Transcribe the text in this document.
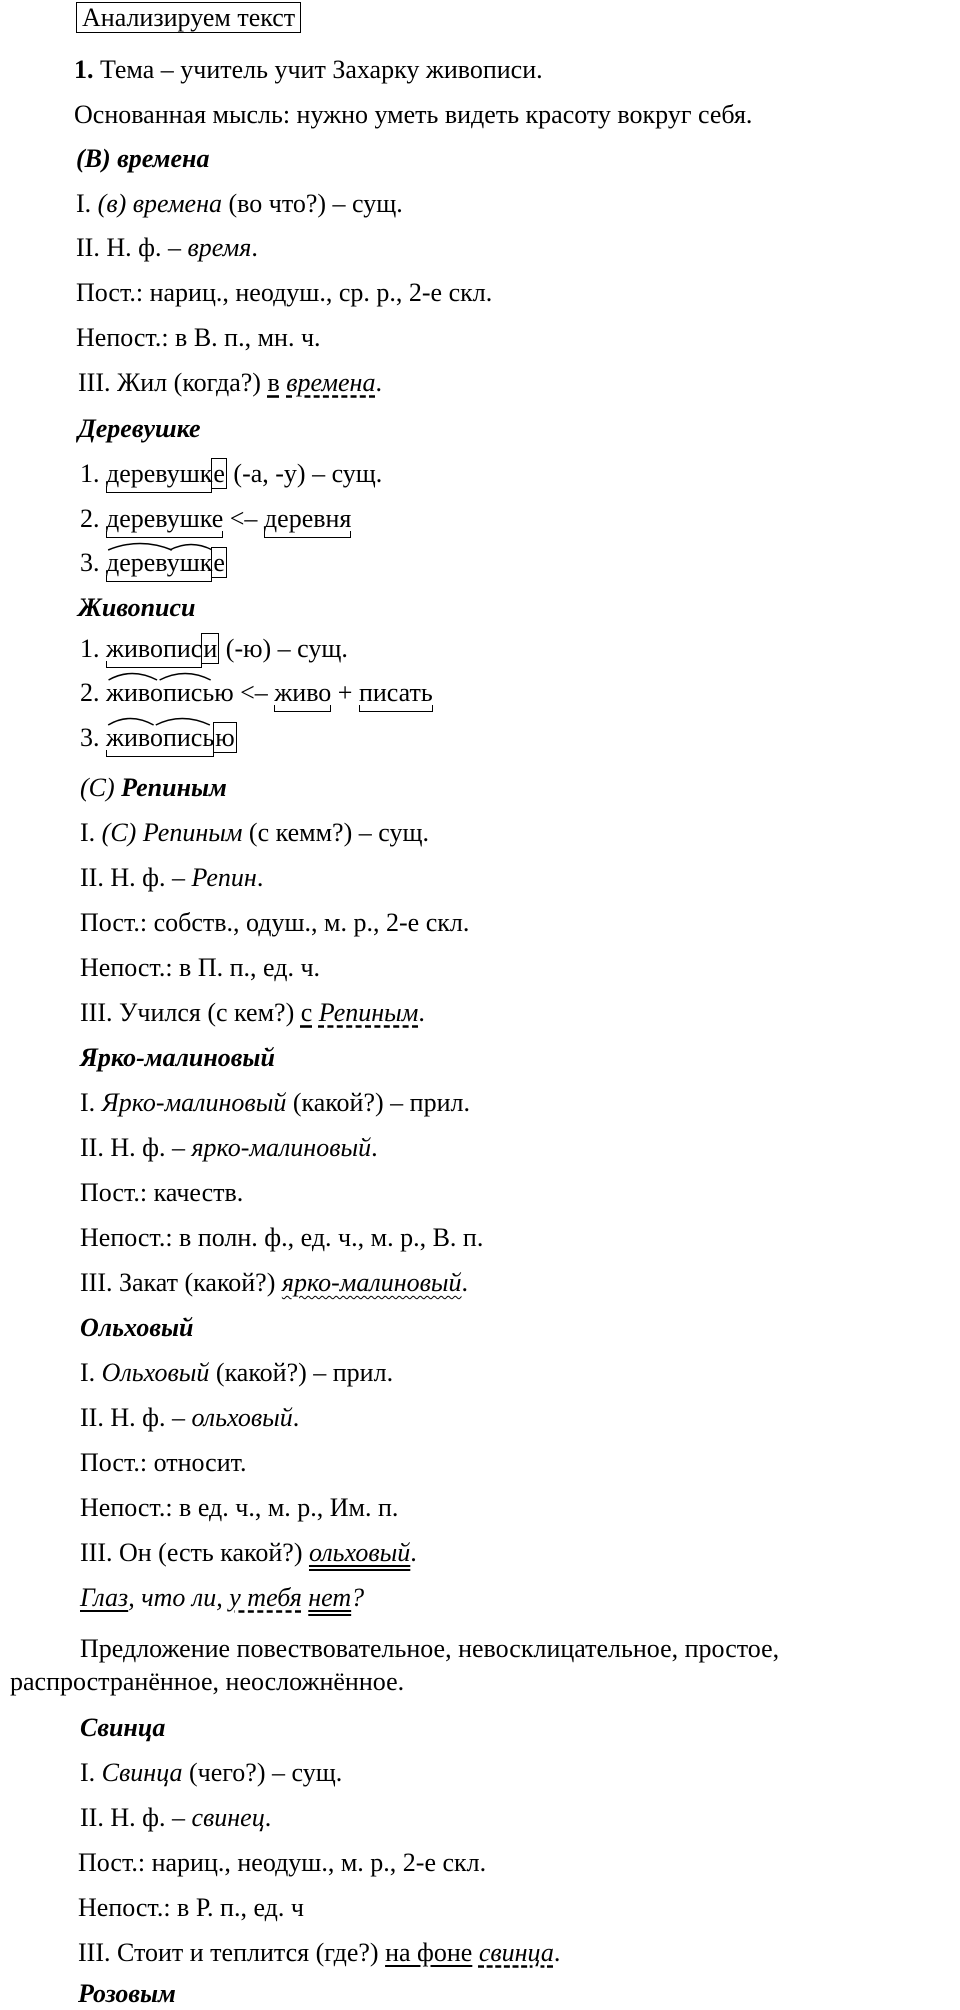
Анализируем текст
1. Тема – учитель учит Захарку живописи.
Основанная мысль: нужно уметь видеть красоту вокруг себя.
(В) времена
I. (в) времена (во что?) – сущ.
II. Н. ф. – время.
Пост.: нариц., неодуш., ср. р., 2-е скл.
Непост.: в В. п., мн. ч.
III. Жил (когда?) в временa.
Деревушке
1. деревушк
е (-а, -у) – сущ.
2. деревушке
<– деревня
3.
деревушк
е
Живописи
1. живопис
и (-ю) – сущ.
2.
живописью <– живо
+ писать
3.
живопись
ю
(С) Репиным
I. (С) Репиным (с кемм?) – сущ.
II. Н. ф. – Репин.
Пост.: собств., одуш., м. р., 2-е скл.
Непост.: в П. п., ед. ч.
III. Учился (с кем?) с Репиным.
Ярко-малиновый
I. Ярко-малиновый (какой?) – прил.
II. Н. ф. – ярко-малиновый.
Пост.: качеств.
Непост.: в полн. ф., ед. ч., м. р., В. п.
III. Закат (какой?) ярко-малиновый.
Ольховый
I. Ольховый (какой?) – прил.
II. Н. ф. – ольховый.
Пост.: относит.
Непост.: в ед. ч., м. р., Им. п.
III. Он (есть какой?) ольховый.
Глаз, что ли, у тебя нет?
Предложение повествовательное, невосклицательное, простое,
распространённое, неосложнённое.
Свинца
I. Свинца (чего?) – сущ.
II. Н. ф. – свинец.
Пост.: нариц., неодуш., м. р., 2-е скл.
Непост.: в Р. п., ед. ч
III. Стоит и теплится (где?) на фоне свинца.
Розовым
